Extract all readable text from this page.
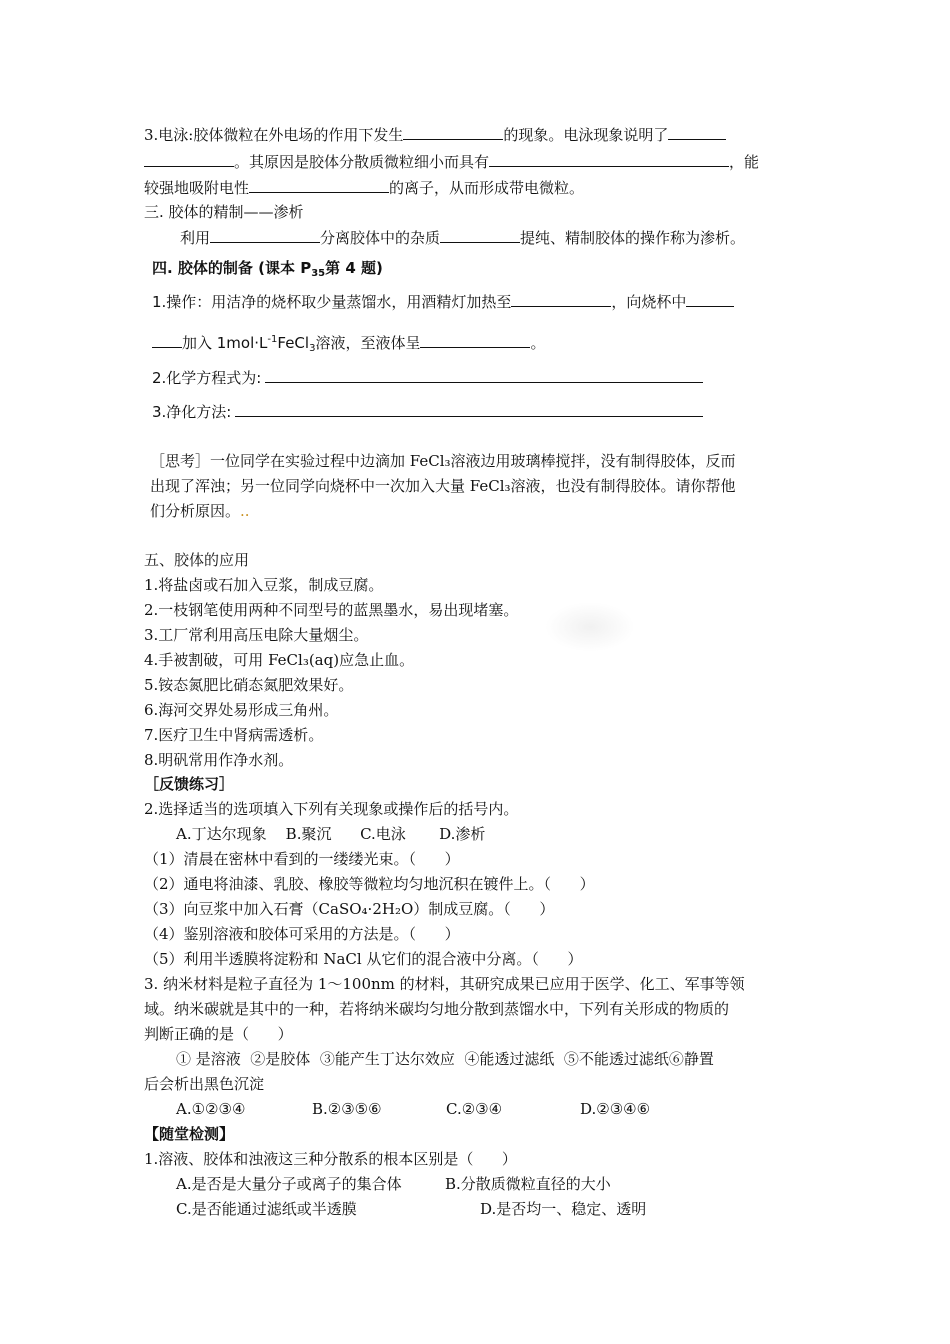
3.电泳:胶体微粒在外电场的作用下发生	的现象。电泳现象说明了
。其原因是胶体分散质微粒细小而具有	，能
较强地吸附电性	的离子，从而形成带电微粒。
三. 胶体的精制——渗析
利用	分离胶体中的杂质	提纯、精制胶体的操作称为渗析。
四. 胶体的制备 (课本 $P_{35}$第 4 题)
1.操作：用洁净的烧杯取少量蒸馏水，用酒精灯加热至	，向烧杯中
加入 $1mol\cdot L^{-1}FeCl_3$溶液，至液体呈	。
2.化学方程式为:
3.净化方法:
［思考］一位同学在实验过程中边滴加 FeCl₃溶液边用玻璃棒搅拌，没有制得胶体，反而
出现了浑浊；另一位同学向烧杯中一次加入大量 FeCl₃溶液，也没有制得胶体。请你帮他
们分析原因。..
五、胶体的应用
1.将盐卤或石加入豆浆，制成豆腐。
2.一枝钢笔使用两种不同型号的蓝黑墨水，易出现堵塞。
3.工厂常利用高压电除大量烟尘。
4.手被割破，可用 FeCl₃(aq)应急止血。
5.铵态氮肥比硝态氮肥效果好。
6.海河交界处易形成三角州。
7.医疗卫生中肾病需透析。
8.明矾常用作净水剂。
［反馈练习］
2.选择适当的选项填入下列有关现象或操作后的括号内。
A.丁达尔现象    B.聚沉      C.电泳       D.渗析
（1）清晨在密林中看到的一缕缕光束。（      ）
（2）通电将油漆、乳胶、橡胶等微粒均匀地沉积在镀件上。（      ）
（3）向豆浆中加入石膏（CaSO₄·2H₂O）制成豆腐。（      ）
（4）鉴别溶液和胶体可采用的方法是。（      ）
（5）利用半透膜将淀粉和 NaCl 从它们的混合液中分离。（      ）
3. 纳米材料是粒子直径为 1～100nm 的材料，其研究成果已应用于医学、化工、军事等领
域。纳米碳就是其中的一种，若将纳米碳均匀地分散到蒸馏水中，下列有关形成的物质的
判断正确的是（      ）
① 是溶液  ②是胶体  ③能产生丁达尔效应  ④能透过滤纸  ⑤不能透过滤纸⑥静置
后会析出黑色沉淀
A.①②③④	B.②③⑤⑥	C.②③④	D.②③④⑥
【随堂检测】
1.溶液、胶体和浊液这三种分散系的根本区别是（      ）
A.是否是大量分子或离子的集合体	B.分散质微粒直径的大小
C.是否能通过滤纸或半透膜	D.是否均一、稳定、透明
